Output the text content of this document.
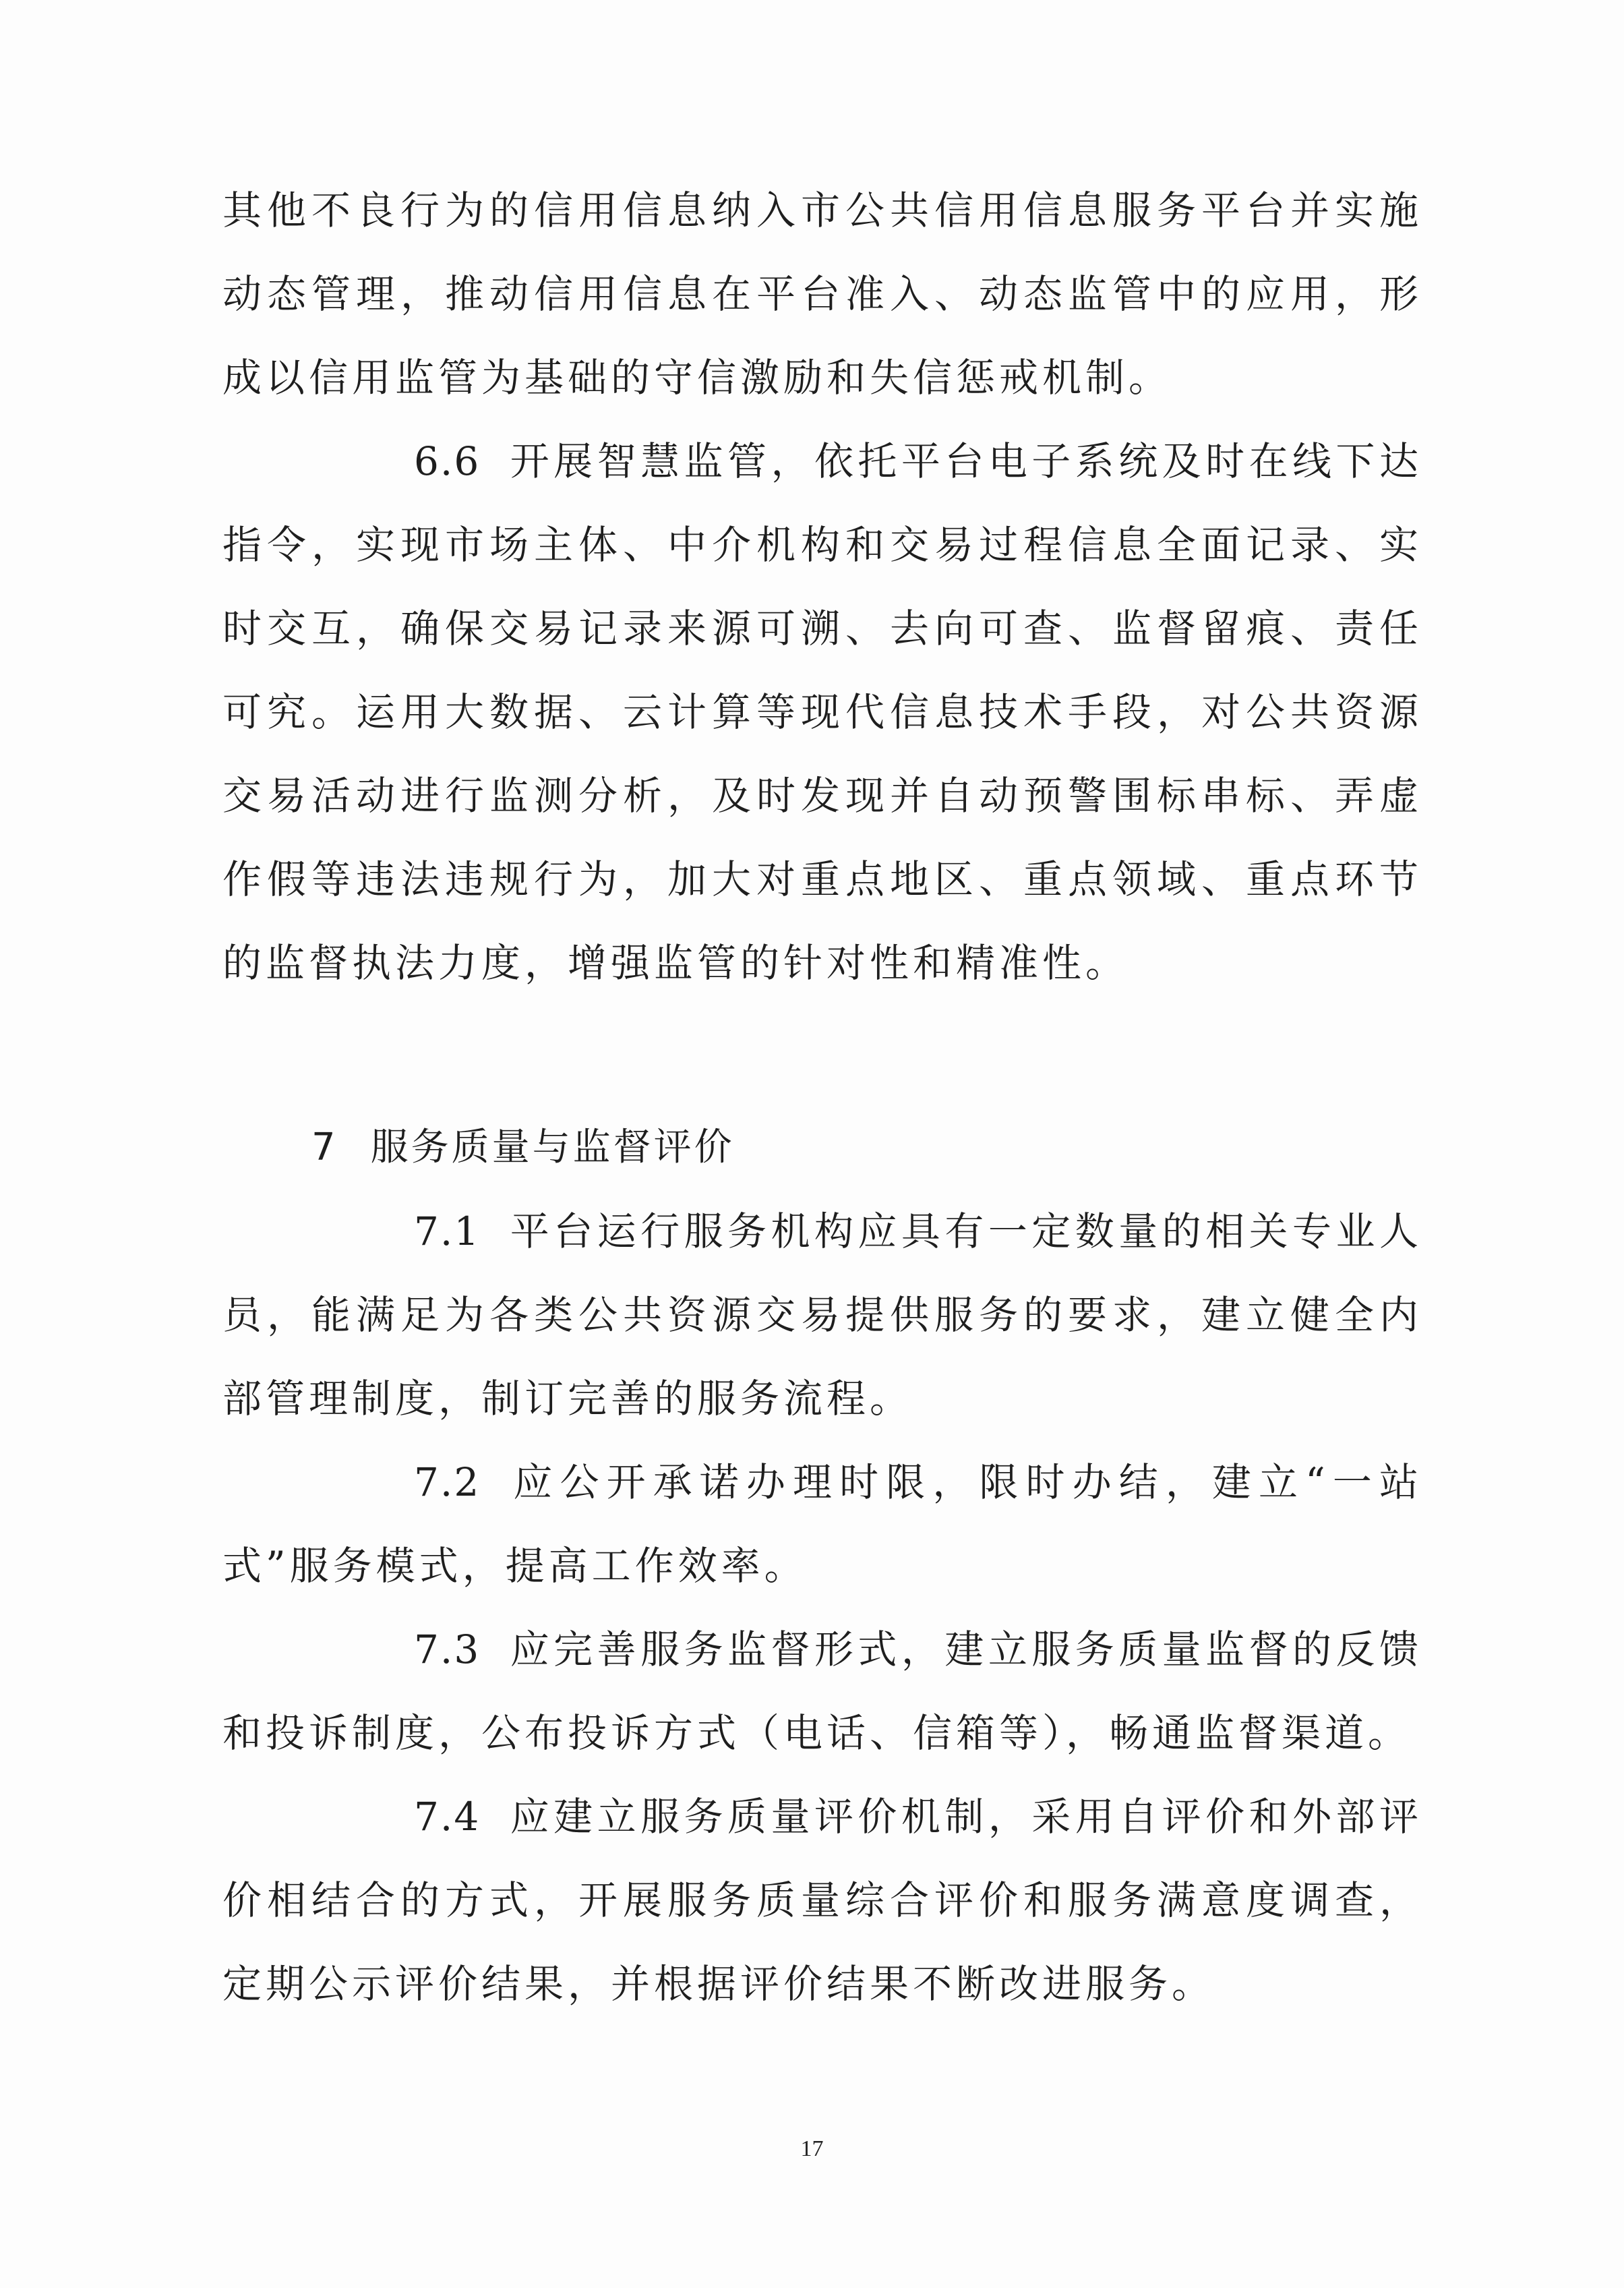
其他不良行为的信用信息纳入市公共信用信息服务平台并实施动态管理，推动信用信息在平台准入、动态监管中的应用，形成以信用监管为基础的守信激励和失信惩戒机制。

6.6 开展智慧监管，依托平台电子系统及时在线下达指令，实现市场主体、中介机构和交易过程信息全面记录、实时交互，确保交易记录来源可溯、去向可查、监督留痕、责任可究。运用大数据、云计算等现代信息技术手段，对公共资源交易活动进行监测分析，及时发现并自动预警围标串标、弄虚作假等违法违规行为，加大对重点地区、重点领域、重点环节的监督执法力度，增强监管的针对性和精准性。

7 服务质量与监督评价

7.1 平台运行服务机构应具有一定数量的相关专业人员，能满足为各类公共资源交易提供服务的要求，建立健全内部管理制度，制订完善的服务流程。

7.2 应公开承诺办理时限，限时办结，建立“一站式”服务模式，提高工作效率。

7.3 应完善服务监督形式，建立服务质量监督的反馈和投诉制度，公布投诉方式（电话、信箱等），畅通监督渠道。

7.4 应建立服务质量评价机制，采用自评价和外部评价相结合的方式，开展服务质量综合评价和服务满意度调查，定期公示评价结果，并根据评价结果不断改进服务。

17
